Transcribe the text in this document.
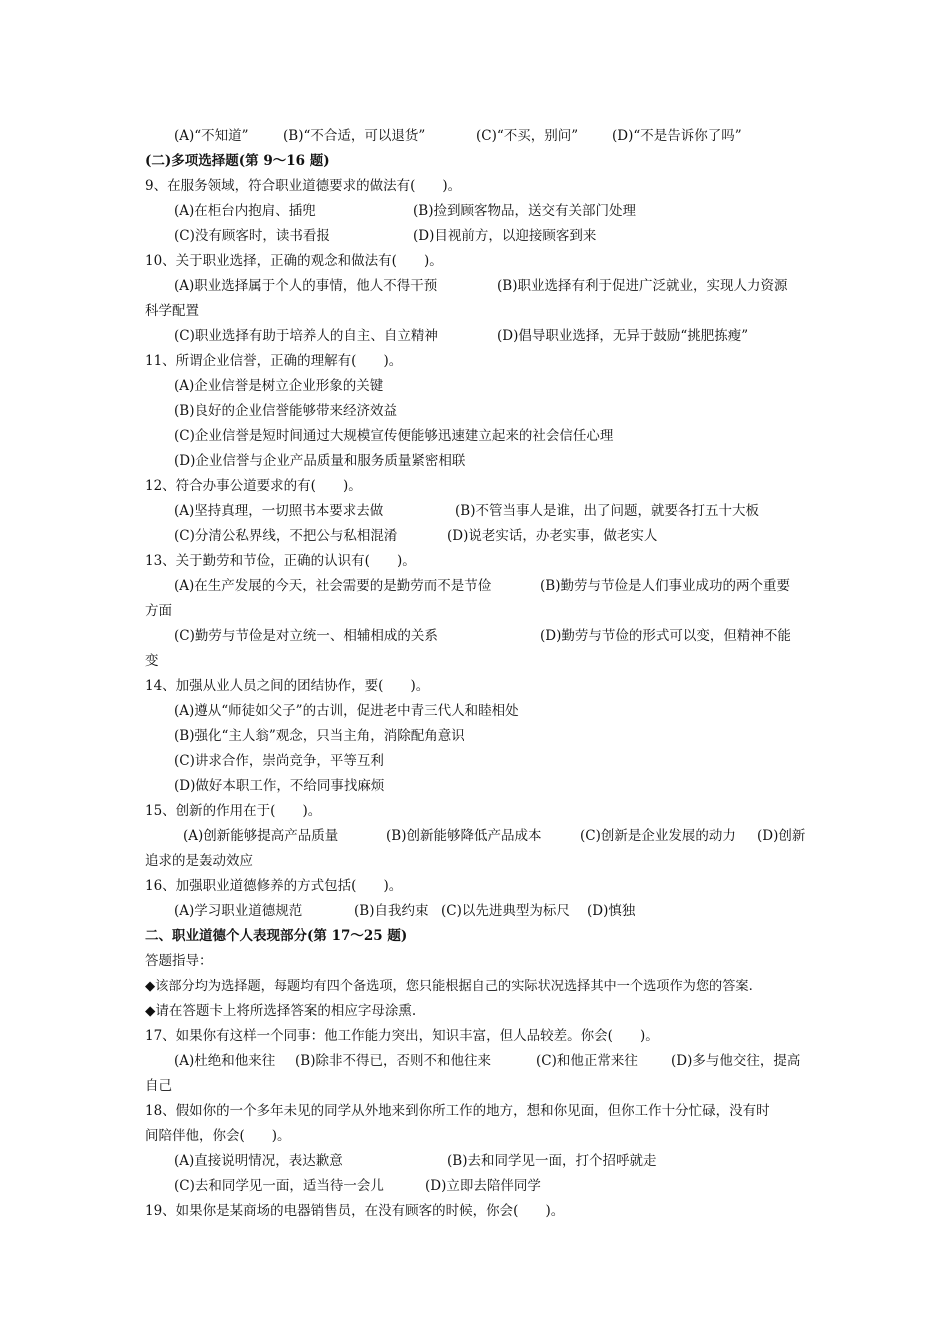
(A)“不知道”	(B)“不合适，可以退货”	(C)“不买，别问”	(D)“不是告诉你了吗”
(二)多项选择题(第 9～16 题)
9、在服务领域，符合职业道德要求的做法有(　　)。
(A)在柜台内抱肩、插兜	(B)捡到顾客物品，送交有关部门处理
(C)没有顾客时，读书看报	(D)目视前方，以迎接顾客到来
10、关于职业选择，正确的观念和做法有(　　)。
(A)职业选择属于个人的事情，他人不得干预	(B)职业选择有利于促进广泛就业，实现人力资源
科学配置
(C)职业选择有助于培养人的自主、自立精神	(D)倡导职业选择，无异于鼓励“挑肥拣瘦”
11、所谓企业信誉，正确的理解有(　　)。
(A)企业信誉是树立企业形象的关键
(B)良好的企业信誉能够带来经济效益
(C)企业信誉是短时间通过大规模宣传便能够迅速建立起来的社会信任心理
(D)企业信誉与企业产品质量和服务质量紧密相联
12、符合办事公道要求的有(　　)。
(A)坚持真理，一切照书本要求去做	(B)不管当事人是谁，出了问题，就要各打五十大板
(C)分清公私界线，不把公与私相混淆	(D)说老实话，办老实事，做老实人
13、关于勤劳和节俭，正确的认识有(　　)。
(A)在生产发展的今天，社会需要的是勤劳而不是节俭	(B)勤劳与节俭是人们事业成功的两个重要
方面
(C)勤劳与节俭是对立统一、相辅相成的关系	(D)勤劳与节俭的形式可以变，但精神不能
变
14、加强从业人员之间的团结协作，要(　　)。
(A)遵从“师徒如父子”的古训，促进老中青三代人和睦相处
(B)强化“主人翁”观念，只当主角，消除配角意识
(C)讲求合作，崇尚竞争，平等互利
(D)做好本职工作，不给同事找麻烦
15、创新的作用在于(　　)。
(A)创新能够提高产品质量	(B)创新能够降低产品成本	(C)创新是企业发展的动力 (D)创新
追求的是轰动效应
16、加强职业道德修养的方式包括(　　)。
(A)学习职业道德规范	(B)自我约束 (C)以先进典型为标尺 (D)慎独
二、职业道德个人表现部分(第 17～25 题)
答题指导：
◆该部分均为选择题，每题均有四个备选项，您只能根据自己的实际状况选择其中一个选项作为您的答案.
◆请在答题卡上将所选择答案的相应字母涂熏.
17、如果你有这样一个同事：他工作能力突出，知识丰富，但人品较差。你会(　　)。
(A)杜绝和他来往 (B)除非不得已，否则不和他往来	(C)和他正常来往 (D)多与他交往，提高
自己
18、假如你的一个多年未见的同学从外地来到你所工作的地方，想和你见面，但你工作十分忙碌，没有时
间陪伴他，你会(　　)。
(A)直接说明情况，表达歉意	(B)去和同学见一面，打个招呼就走
(C)去和同学见一面，适当待一会儿	(D)立即去陪伴同学
19、如果你是某商场的电器销售员，在没有顾客的时候，你会(　　)。
